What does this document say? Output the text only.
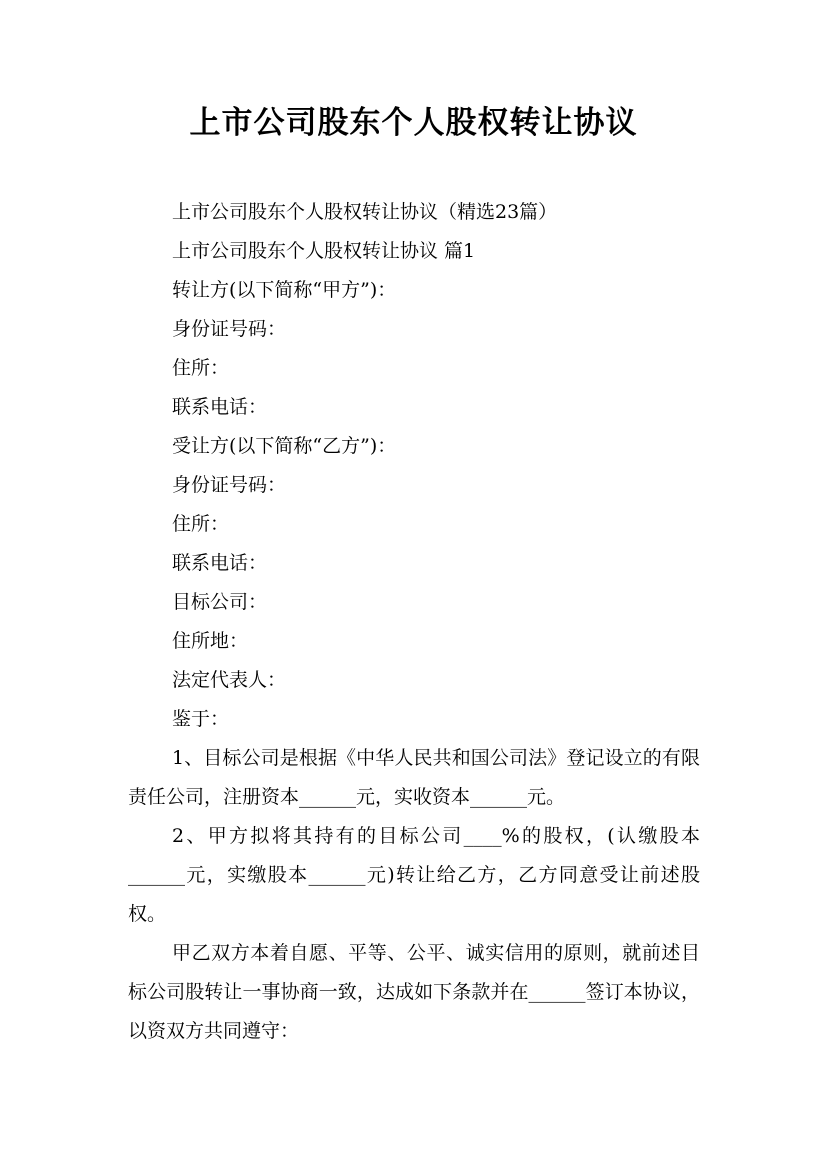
上市公司股东个人股权转让协议

上市公司股东个人股权转让协议（精选23篇）

上市公司股东个人股权转让协议 篇1

转让方(以下简称“甲方”)：

身份证号码：

住所：

联系电话：

受让方(以下简称“乙方”)：

身份证号码：

住所：

联系电话：

目标公司：

住所地：

法定代表人：

鉴于：

1、目标公司是根据《中华人民共和国公司法》登记设立的有限责任公司，注册资本______元，实收资本______元。

2、甲方拟将其持有的目标公司____%的股权，(认缴股本______元，实缴股本______元)转让给乙方，乙方同意受让前述股权。

甲乙双方本着自愿、平等、公平、诚实信用的原则，就前述目标公司股转让一事协商一致，达成如下条款并在______签订本协议，以资双方共同遵守：
